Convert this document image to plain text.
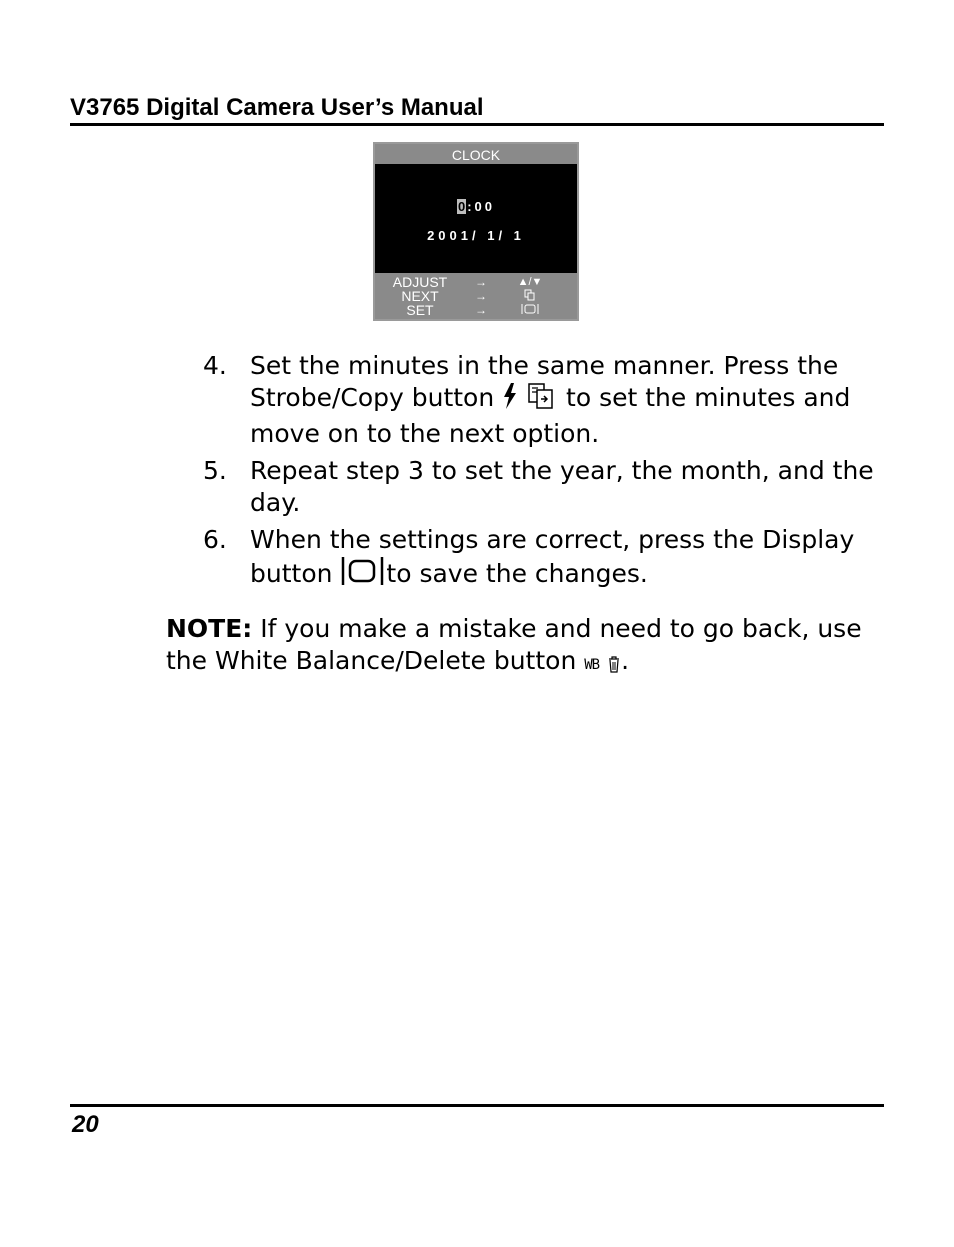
V3765 Digital Camera User’s Manual
CLOCK
0 :00
2001/ 1/ 1
ADJUST	→	▲/▼
NEXT	→
SET	→
4. Set the minutes in the same manner. Press the Strobe/Copy button   to set the minutes and move on to the next option.
5. Repeat step 3 to set the year, the month, and the day.
6. When the settings are correct, press the Display button to save the changes.

NOTE: If you make a mistake and need to go back, use the White Balance/Delete button WB .

20
